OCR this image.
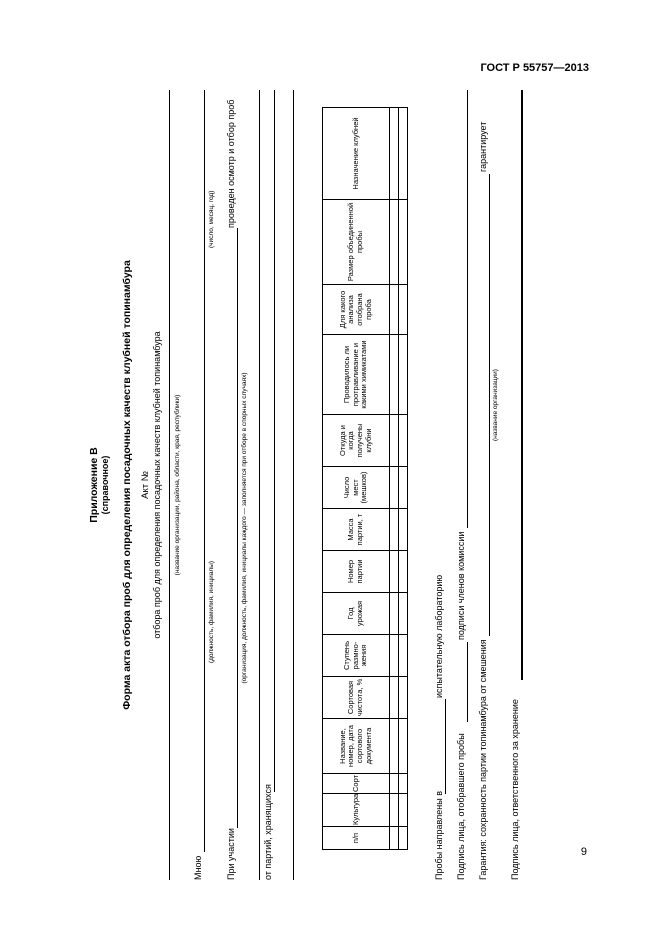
ГОСТ Р 55757—2013
Приложение В (справочное) Форма акта отбора проб для определения посадочных качеств клубней топинамбура Акт № отбора проб для определения посадочных качеств клубней топинамбура (название организации, района, области, края, республики)
Мною
(должность, фамилия, инициалы)
(число, месяц, год)
При участии
проведен осмотр и отбор проб
(организация, должность, фамилия, инициалы каждого — заполняется при отборе в спорных случаях)
от партий, хранящихся	п/п	Культура	Сорт	Название, номер, дата сортового документа	Сортовая чистота, %	Ступень размно-жения	Год урожая	Номер партии	Масса партии, т	Число мест (мешков)	Откуда и когда получены клубни	Проводилось ли протравливание и какими химикатами	Для какого анализа отобрана проба	Размер объединенной пробы	Назначение клубней

Пробы направлены в
испытательную лабораторию
Подпись лица, отобравшего пробы
подписи членов комиссии
Гарантия: сохранность партии топинамбура от смешения
гарантирует
(название организации)
Подпись лица, ответственного за хранение	9
